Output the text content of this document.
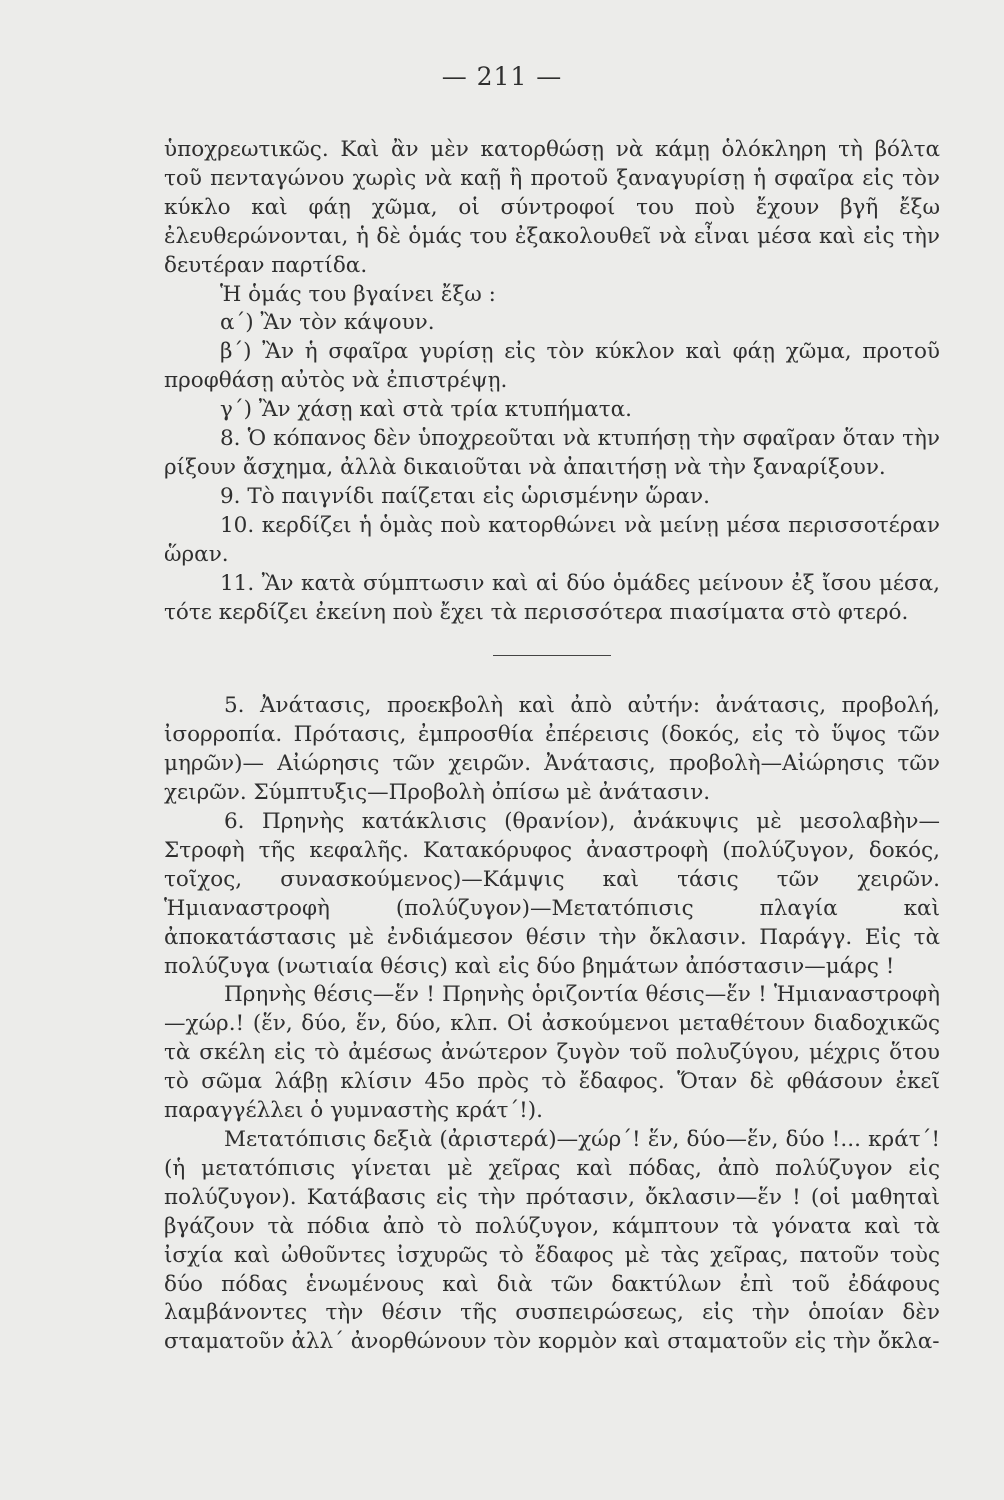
— 211 —

ὑποχρεωτικῶς. Καὶ ἂν μὲν κατορθώσῃ νὰ κάμῃ ὁλόκληρη τὴ βόλτα τοῦ πενταγώνου χωρὶς νὰ καῇ ἢ προτοῦ ξαναγυρίσῃ ἡ σφαῖρα εἰς τὸν κύκλο καὶ φάῃ χῶμα, οἱ σύντροφοί του ποὺ ἔχουν βγῆ ἔξω ἐλευθερώνονται, ἡ δὲ ὁμάς του ἐξακολουθεῖ νὰ εἶναι μέσα καὶ εἰς τὴν δευτέραν παρτίδα.

Ἡ ὁμάς του βγαίνει ἔξω :

α΄) Ἂν τὸν κάψουν.

β΄) Ἂν ἡ σφαῖρα γυρίσῃ εἰς τὸν κύκλον καὶ φάῃ χῶμα, προτοῦ προφθάσῃ αὐτὸς νὰ ἐπιστρέψῃ.

γ΄) Ἂν χάσῃ καὶ στὰ τρία κτυπήματα.

8. Ὁ κόπανος δὲν ὑποχρεοῦται νὰ κτυπήσῃ τὴν σφαῖραν ὅταν τὴν ρίξουν ἄσχημα, ἀλλὰ δικαιοῦται νὰ ἀπαιτήσῃ νὰ τὴν ξαναρίξουν.

9. Τὸ παιγνίδι παίζεται εἰς ὡρισμένην ὥραν.

10. κερδίζει ἡ ὁμὰς ποὺ κατορθώνει νὰ μείνῃ μέσα περισσοτέραν ὥραν.

11. Ἂν κατὰ σύμπτωσιν καὶ αἱ δύο ὁμάδες μείνουν ἐξ ἴσου μέσα, τότε κερδίζει ἐκείνη ποὺ ἔχει τὰ περισσότερα πιασίματα στὸ φτερό.

5. Ἀνάτασις, προεκβολὴ καὶ ἀπὸ αὐτήν: ἀνάτασις, προβολή, ἰσορροπία. Πρότασις, ἐμπροσθία ἐπέρεισις (δοκός, εἰς τὸ ὕψος τῶν μηρῶν)— Αἰώρησις τῶν χειρῶν. Ἀνάτασις, προβολὴ—Αἰώρησις τῶν χειρῶν. Σύμπτυξις—Προβολὴ ὀπίσω μὲ ἀνάτασιν.

6. Πρηνὴς κατάκλισις (θρανίον), ἀνάκυψις μὲ μεσολαβὴν—Στροφὴ τῆς κεφαλῆς. Κατακόρυφος ἀναστροφὴ (πολύζυγον, δοκός, τοῖχος, συνασκούμενος)—Κάμψις καὶ τάσις τῶν χειρῶν. Ἡμιαναστροφὴ (πολύζυγον)—Μετατόπισις πλαγία καὶ ἀποκατάστασις μὲ ἐνδιάμεσον θέσιν τὴν ὄκλασιν. Παράγγ. Εἰς τὰ πολύζυγα (νωτιαία θέσις) καὶ εἰς δύο βημάτων ἀπόστασιν—μάρς !

Πρηνὴς θέσις—ἕν ! Πρηνὴς ὁριζοντία θέσις—ἕν ! Ἡμιαναστροφὴ—χώρ.! (ἕν, δύο, ἕν, δύο, κλπ. Οἱ ἀσκούμενοι μεταθέτουν διαδοχικῶς τὰ σκέλη εἰς τὸ ἀμέσως ἀνώτερον ζυγὸν τοῦ πολυζύγου, μέχρις ὅτου τὸ σῶμα λάβῃ κλίσιν 45ο πρὸς τὸ ἔδαφος. Ὅταν δὲ φθάσουν ἐκεῖ παραγγέλλει ὁ γυμναστὴς κράτ΄!).

Μετατόπισις δεξιὰ (ἀριστερά)—χώρ΄! ἕν, δύο—ἕν, δύο !... κράτ΄! (ἡ μετατόπισις γίνεται μὲ χεῖρας καὶ πόδας, ἀπὸ πολύζυγον εἰς πολύζυγον). Κατάβασις εἰς τὴν πρότασιν, ὄκλασιν—ἕν ! (οἱ μαθηταὶ βγάζουν τὰ πόδια ἀπὸ τὸ πολύζυγον, κάμπτουν τὰ γόνατα καὶ τὰ ἰσχία καὶ ὠθοῦντες ἰσχυρῶς τὸ ἔδαφος μὲ τὰς χεῖρας, πατοῦν τοὺς δύο πόδας ἑνωμένους καὶ διὰ τῶν δακτύλων ἐπὶ τοῦ ἐδάφους λαμβάνοντες τὴν θέσιν τῆς συσπειρώσεως, εἰς τὴν ὁποίαν δὲν σταματοῦν ἀλλ΄ ἀνορθώνουν τὸν κορμὸν καὶ σταματοῦν εἰς τὴν ὄκλα-
